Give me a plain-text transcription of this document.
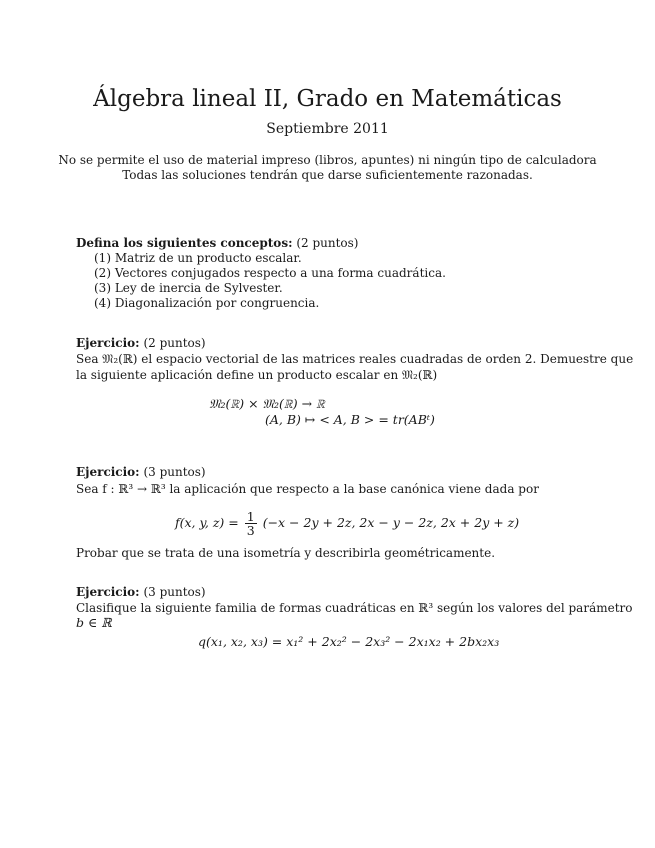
Álgebra lineal II, Grado en Matemáticas
Septiembre 2011
No se permite el uso de material impreso (libros, apuntes) ni ningún tipo de calculadora
Todas las soluciones tendrán que darse suficientemente razonadas.
Defina los siguientes conceptos: (2 puntos)
(1) Matriz de un producto escalar.
(2) Vectores conjugados respecto a una forma cuadrática.
(3) Ley de inercia de Sylvester.
(4) Diagonalización por congruencia.
Ejercicio: (2 puntos)
Sea 𝔐₂(ℝ) el espacio vectorial de las matrices reales cuadradas de orden 2. Demuestre que
la siguiente aplicación define un producto escalar en 𝔐₂(ℝ)
𝔐₂(ℝ) × 𝔐₂(ℝ) → ℝ
(A, B) ↦ < A, B > = tr(ABᵗ)
Ejercicio: (3 puntos)
Sea f : ℝ³ → ℝ³ la aplicación que respecto a la base canónica viene dada por
f(x, y, $z) = \frac{1}{3} (-x - 2y + 2z$, 2x − y − 2z, 2x + 2y + z)
Probar que se trata de una isometría y describirla geométricamente.
Ejercicio: (3 puntos)
Clasifique la siguiente familia de formas cuadráticas en ℝ³ según los valores del parámetro
b ∈ ℝ
q(x₁, x₂, x₃) = x₁² + 2x₂² − 2x₃² − 2x₁x₂ + 2bx₂x₃
